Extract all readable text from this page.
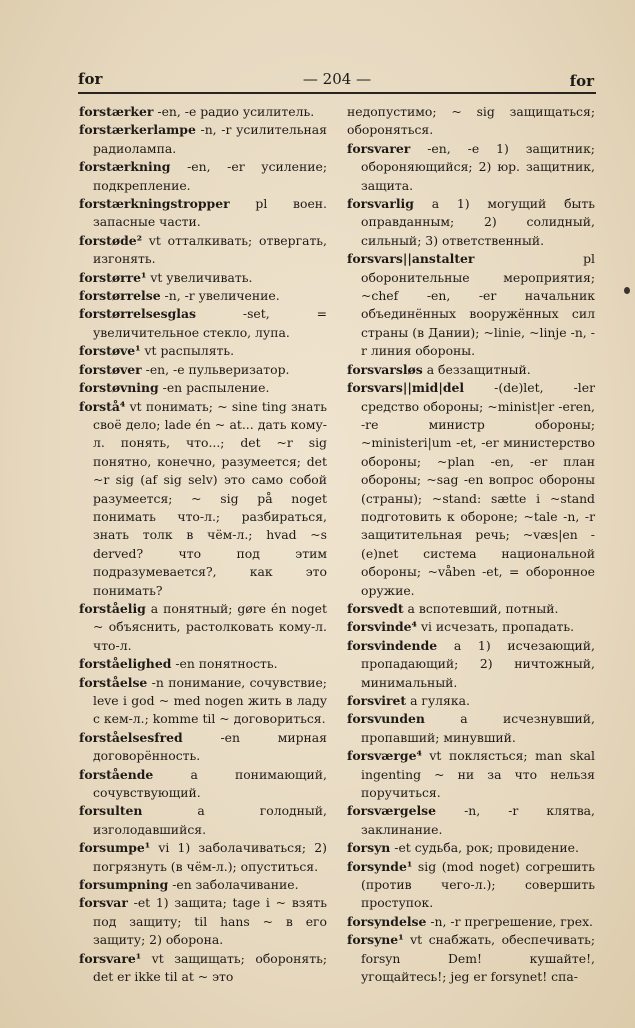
for	— 204 —	for

forstærker -en, -e радио усилитель.

forstærkerlampe -n, -r усилительная радиолампа.

forstærkning -en, -er усиление; подкрепление.

forstærkningstropper pl воен. запасные части.

forstøde² vt отталкивать; отвергать, изгонять.

forstørre¹ vt увеличивать.

forstørrelse -n, -r увеличение.

forstørrelsesglas -set, = увеличительное стекло, лупа.

forstøve¹ vt распылять.

forstøver -en, -e пульверизатор.

forstøvning -en распыление.

forstå⁴ vt понимать; ~ sine ting знать своё дело; lade én ~ at... дать кому-л. понять, что...; det ~r sig понятно, конечно, разумеется; det ~r sig (af sig selv) это само собой разумеется; ~ sig på noget понимать что-л.; разбираться, знать толк в чём-л.; hvad ~s derved? что под этим подразумевается?, как это понимать?

forståelig a понятный; gøre én noget ~ объяснить, растолковать кому-л. что-л.

forståelighed -en понятность.

forståelse -n понимание, сочувствие; leve i god ~ med nogen жить в ладу с кем-л.; komme til ~ договориться.

forståelsesfred -en мирная договорённость.

forstående a понимающий, сочувствующий.

forsulten a голодный, изголодавшийся.

forsumpe¹ vi 1) заболачиваться; 2) погрязнуть (в чём-л.); опуститься.

forsumpning -en заболачивание.

forsvar -et 1) защита; tage i ~ взять под защиту; til hans ~ в его защиту; 2) оборона.

forsvare¹ vt защищать; оборонять; det er ikke til at ~ это

недопустимо; ~ sig защищаться; обороняться.

forsvarer -en, -e 1) защитник; обороняющийся; 2) юр. защитник, защита.

forsvarlig a 1) могущий быть оправданным; 2) солидный, сильный; 3) ответственный.

forsvars||anstalter pl оборонительные мероприятия; ~chef -en, -er начальник объединённых вооружённых сил страны (в Дании); ~linie, ~linje -n, -r линия обороны.

forsvarsløs a беззащитный.

forsvars||mid|del -(de)let, -ler средство обороны; ~minist|er -eren, -re министр обороны; ~ministeri|um -et, -er министерство обороны; ~plan -en, -er план обороны; ~sag -en вопрос обороны (страны); ~stand: sætte i ~stand подготовить к обороне; ~tale -n, -r защитительная речь; ~væs|en -(e)net система национальной обороны; ~våben -et, = оборонное оружие.

forsvedt a вспотевший, потный.

forsvinde⁴ vi исчезать, пропадать.

forsvindende a 1) исчезающий, пропадающий; 2) ничтожный, минимальный.

forsviret a гулякa.

forsvunden a исчезнувший, пропавший; минувший.

forsværge⁴ vt поклясться; man skal ingenting ~ ни за что нельзя поручиться.

forsværgelse -n, -r клятва, заклинание.

forsyn -et судьба, рок; провидение.

forsynde¹ sig (mod noget) согрешить (против чего-л.); совершить проступок.

forsyndelse -n, -r прегрешение, грех.

forsyne¹ vt снабжать, обеспечивать; forsyn Dem! кушайте!, угощайтесь!; jeg er forsynet! спа-
